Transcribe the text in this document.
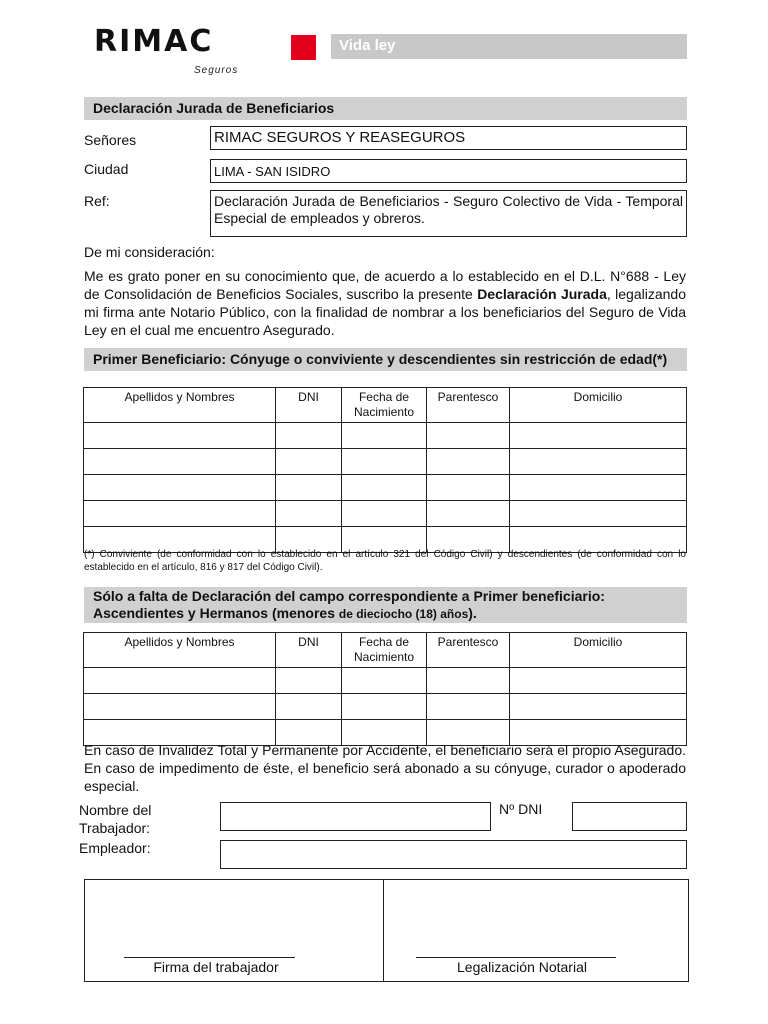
RIMAC
Seguros
Vida ley
Declaración Jurada de Beneficiarios
Señores	RIMAC SEGUROS Y REASEGUROS
Ciudad	LIMA - SAN ISIDRO
Ref:	Declaración Jurada de Beneficiarios - Seguro Colectivo de Vida - Temporal Especial de empleados y obreros.
De mi consideración:
Me es grato poner en su conocimiento que, de acuerdo a lo establecido en el D.L. N°688 - Ley de Consolidación de Beneficios Sociales, suscribo la presente Declaración Jurada, legalizando mi firma ante Notario Público, con la finalidad de nombrar a los beneficiarios del Seguro de Vida Ley en el cual me encuentro Asegurado.
Primer Beneficiario: Cónyuge o conviviente y descendientes sin restricción de edad(*)
Apellidos y Nombres	DNI	Fecha de Nacimiento	Parentesco	Domicilio

(*) Conviviente (de conformidad con lo establecido en el artículo 321 del Código Civil) y descendientes (de conformidad con lo establecido en el artículo, 816 y 817 del Código Civil).
Sólo a falta de Declaración del campo correspondiente a Primer beneficiario:
Ascendientes y Hermanos (menores de dieciocho (18) años).
Apellidos y Nombres	DNI	Fecha de Nacimiento	Parentesco	Domicilio

En caso de Invalidez Total y Permanente por Accidente, el beneficiario será el propio Asegurado. En caso de impedimento de éste, el beneficio será abonado a su cónyuge, curador o apoderado especial.
Nombre del
Trabajador:
Nº DNI
Empleador:
Firma del trabajador	Legalización Notarial
